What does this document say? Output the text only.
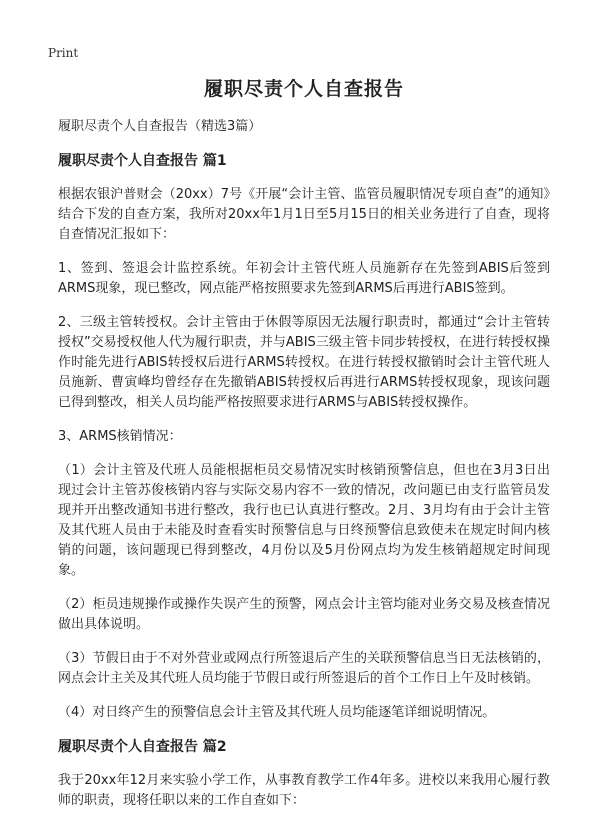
Print
履职尽责个人自查报告
履职尽责个人自查报告（精选3篇）
履职尽责个人自查报告 篇1

根据农银沪普财会（20xx）7号《开展“会计主管、监管员履职情况专项自查”的通知》结合下发的自查方案，我所对20xx年1月1日至5月15日的相关业务进行了自查，现将自查情况汇报如下：

1、签到、签退会计监控系统。年初会计主管代班人员施新存在先签到ABIS后签到ARMS现象，现已整改，网点能严格按照要求先签到ARMS后再进行ABIS签到。

2、三级主管转授权。会计主管由于休假等原因无法履行职责时，都通过“会计主管转授权”交易授权他人代为履行职责，并与ABIS三级主管卡同步转授权，在进行转授权操作时能先进行ABIS转授权后进行ARMS转授权。在进行转授权撤销时会计主管代班人员施新、曹寅峰均曾经存在先撤销ABIS转授权后再进行ARMS转授权现象，现该问题已得到整改，相关人员均能严格按照要求进行ARMS与ABIS转授权操作。

3、ARMS核销情况：

（1）会计主管及代班人员能根据柜员交易情况实时核销预警信息，但也在3月3日出现过会计主管苏俊核销内容与实际交易内容不一致的情况，改问题已由支行监管员发现并开出整改通知书进行整改，我行也已认真进行整改。2月、3月均有由于会计主管及其代班人员由于未能及时查看实时预警信息与日终预警信息致使未在规定时间内核销的问题，该问题现已得到整改，4月份以及5月份网点均为发生核销超规定时间现象。

（2）柜员违规操作或操作失误产生的预警，网点会计主管均能对业务交易及核查情况做出具体说明。

（3）节假日由于不对外营业或网点行所签退后产生的关联预警信息当日无法核销的，网点会计主关及其代班人员均能于节假日或行所签退后的首个工作日上午及时核销。

（4）对日终产生的预警信息会计主管及其代班人员均能逐笔详细说明情况。

履职尽责个人自查报告 篇2

我于20xx年12月来实验小学工作，从事教育教学工作4年多。进校以来我用心履行教师的职责，现将任职以来的工作自查如下：
